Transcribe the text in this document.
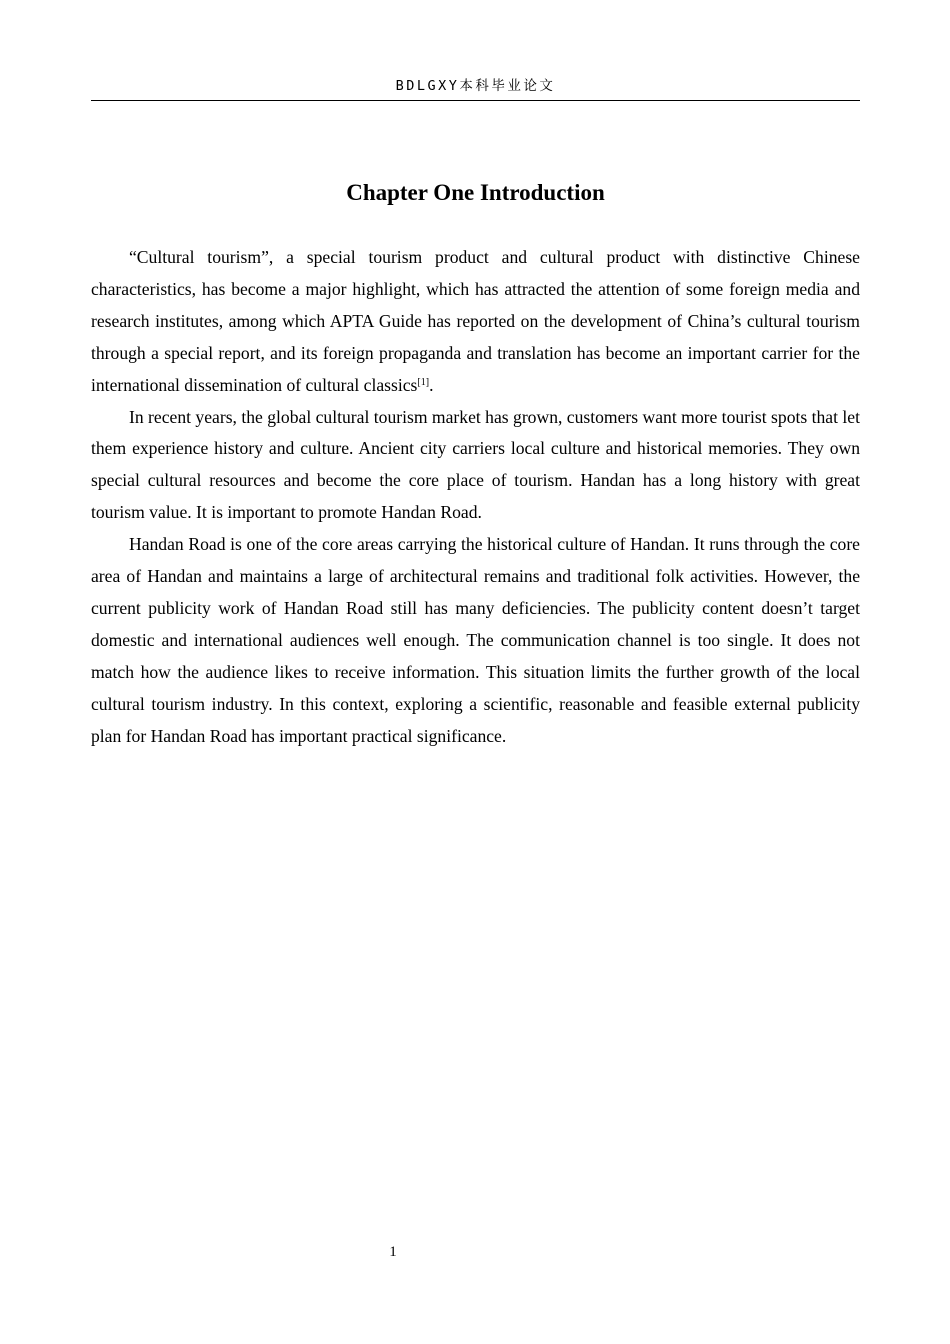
BDLGXY本科毕业论文
Chapter One Introduction

“Cultural tourism”, a special tourism product and cultural product with distinctive Chinese characteristics, has become a major highlight, which has attracted the attention of some foreign media and research institutes, among which APTA Guide has reported on the development of China’s cultural tourism through a special report, and its foreign propaganda and translation has become an important carrier for the international dissemination of cultural classics[1].

In recent years, the global cultural tourism market has grown, customers want more tourist spots that let them experience history and culture. Ancient city carriers local culture and historical memories. They own special cultural resources and become the core place of tourism. Handan has a long history with great tourism value. It is important to promote Handan Road.

Handan Road is one of the core areas carrying the historical culture of Handan. It runs through the core area of Handan and maintains a large of architectural remains and traditional folk activities. However, the current publicity work of Handan Road still has many deficiencies. The publicity content doesn’t target domestic and international audiences well enough. The communication channel is too single. It does not match how the audience likes to receive information. This situation limits the further growth of the local cultural tourism industry. In this context, exploring a scientific, reasonable and feasible external publicity plan for Handan Road has important practical significance.

1
